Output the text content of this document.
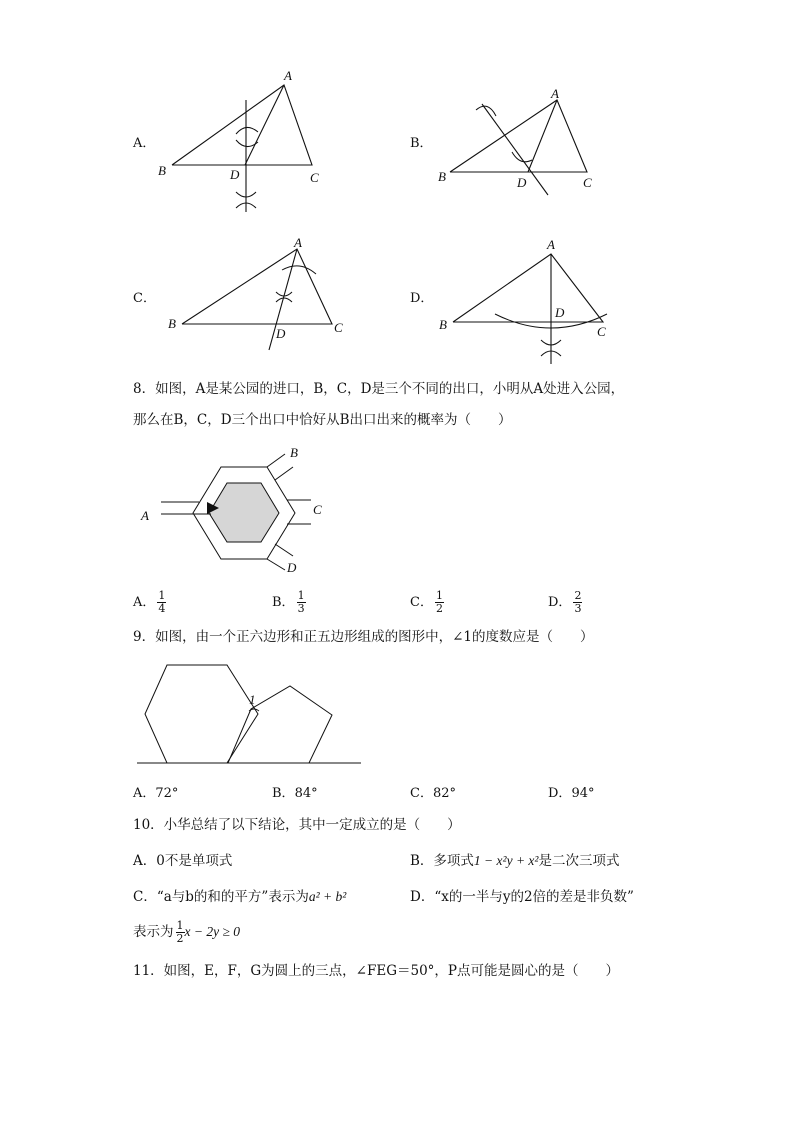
A．
A
B	D	C
B．
A
B	D	C
C．
A
B
D	C
D．
A
B
D
C
8．如图，A是某公园的进口，B，C，D是三个不同的出口，小明从A处进入公园，
那么在B，C，D三个出口中恰好从B出口出来的概率为（　　）
A
B
C
D
A． $\frac{1}{4}$	B． $\frac{1}{3}$	C． $\frac{1}{2}$	D． $\frac{2}{3}$
9．如图，由一个正六边形和正五边形组成的图形中，∠1的度数应是（　　）
1
A．72°	B．84°	C．82°	D．94°
10．小华总结了以下结论，其中一定成立的是（　　）
A．0不是单项式	B．多项式1 − x²y + x²是二次三项式
C．“a与b的和的平方”表示为a² + b²	D．“x的一半与y的2倍的差是非负数”
表示为 $\frac{1}{2}$ x − 2y ≥ 0
11．如图，E，F，G为圆上的三点，∠FEG＝50°，P点可能是圆心的是（　　）
